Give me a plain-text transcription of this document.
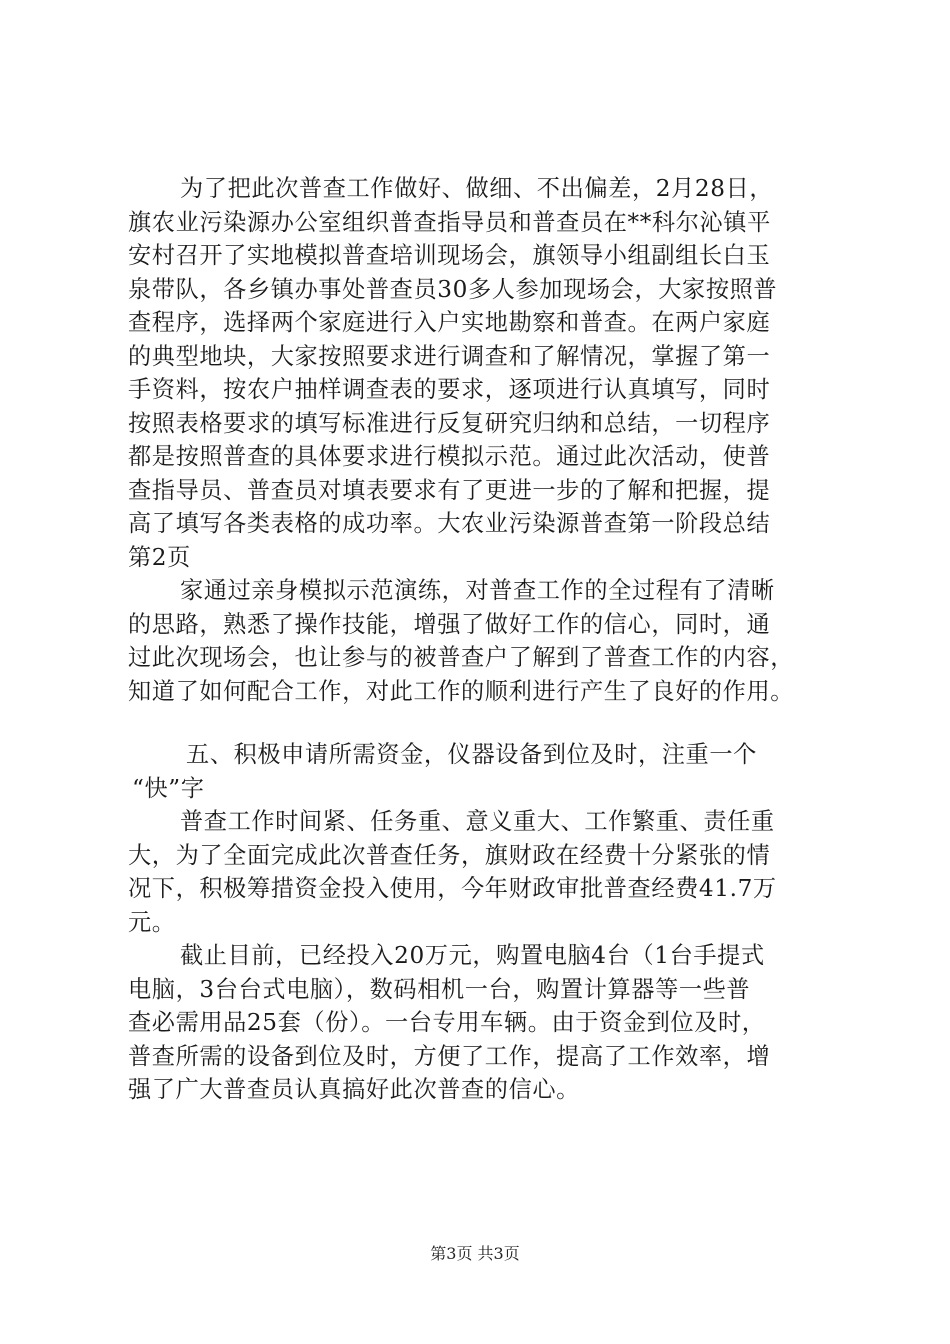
为了把此次普查工作做好、做细、不出偏差，2月28日，
旗农业污染源办公室组织普查指导员和普查员在**科尔沁镇平
安村召开了实地模拟普查培训现场会，旗领导小组副组长白玉
泉带队，各乡镇办事处普查员30多人参加现场会，大家按照普
查程序，选择两个家庭进行入户实地勘察和普查。在两户家庭
的典型地块，大家按照要求进行调查和了解情况，掌握了第一
手资料，按农户抽样调查表的要求，逐项进行认真填写，同时
按照表格要求的填写标准进行反复研究归纳和总结，一切程序
都是按照普查的具体要求进行模拟示范。通过此次活动，使普
查指导员、普查员对填表要求有了更进一步的了解和把握，提
高了填写各类表格的成功率。大农业污染源普查第一阶段总结
第2页
家通过亲身模拟示范演练，对普查工作的全过程有了清晰
的思路，熟悉了操作技能，增强了做好工作的信心，同时，通
过此次现场会，也让参与的被普查户了解到了普查工作的内容，
知道了如何配合工作，对此工作的顺利进行产生了良好的作用。
五、积极申请所需资金，仪器设备到位及时，注重一个
“快”字
普查工作时间紧、任务重、意义重大、工作繁重、责任重
大，为了全面完成此次普查任务，旗财政在经费十分紧张的情
况下，积极筹措资金投入使用，今年财政审批普查经费41.7万
元。
截止目前，已经投入20万元，购置电脑4台（1台手提式
电脑，3台台式电脑），数码相机一台，购置计算器等一些普
查必需用品25套（份）。一台专用车辆。由于资金到位及时，
普查所需的设备到位及时，方便了工作，提高了工作效率，增
强了广大普查员认真搞好此次普查的信心。
第3页 共3页
